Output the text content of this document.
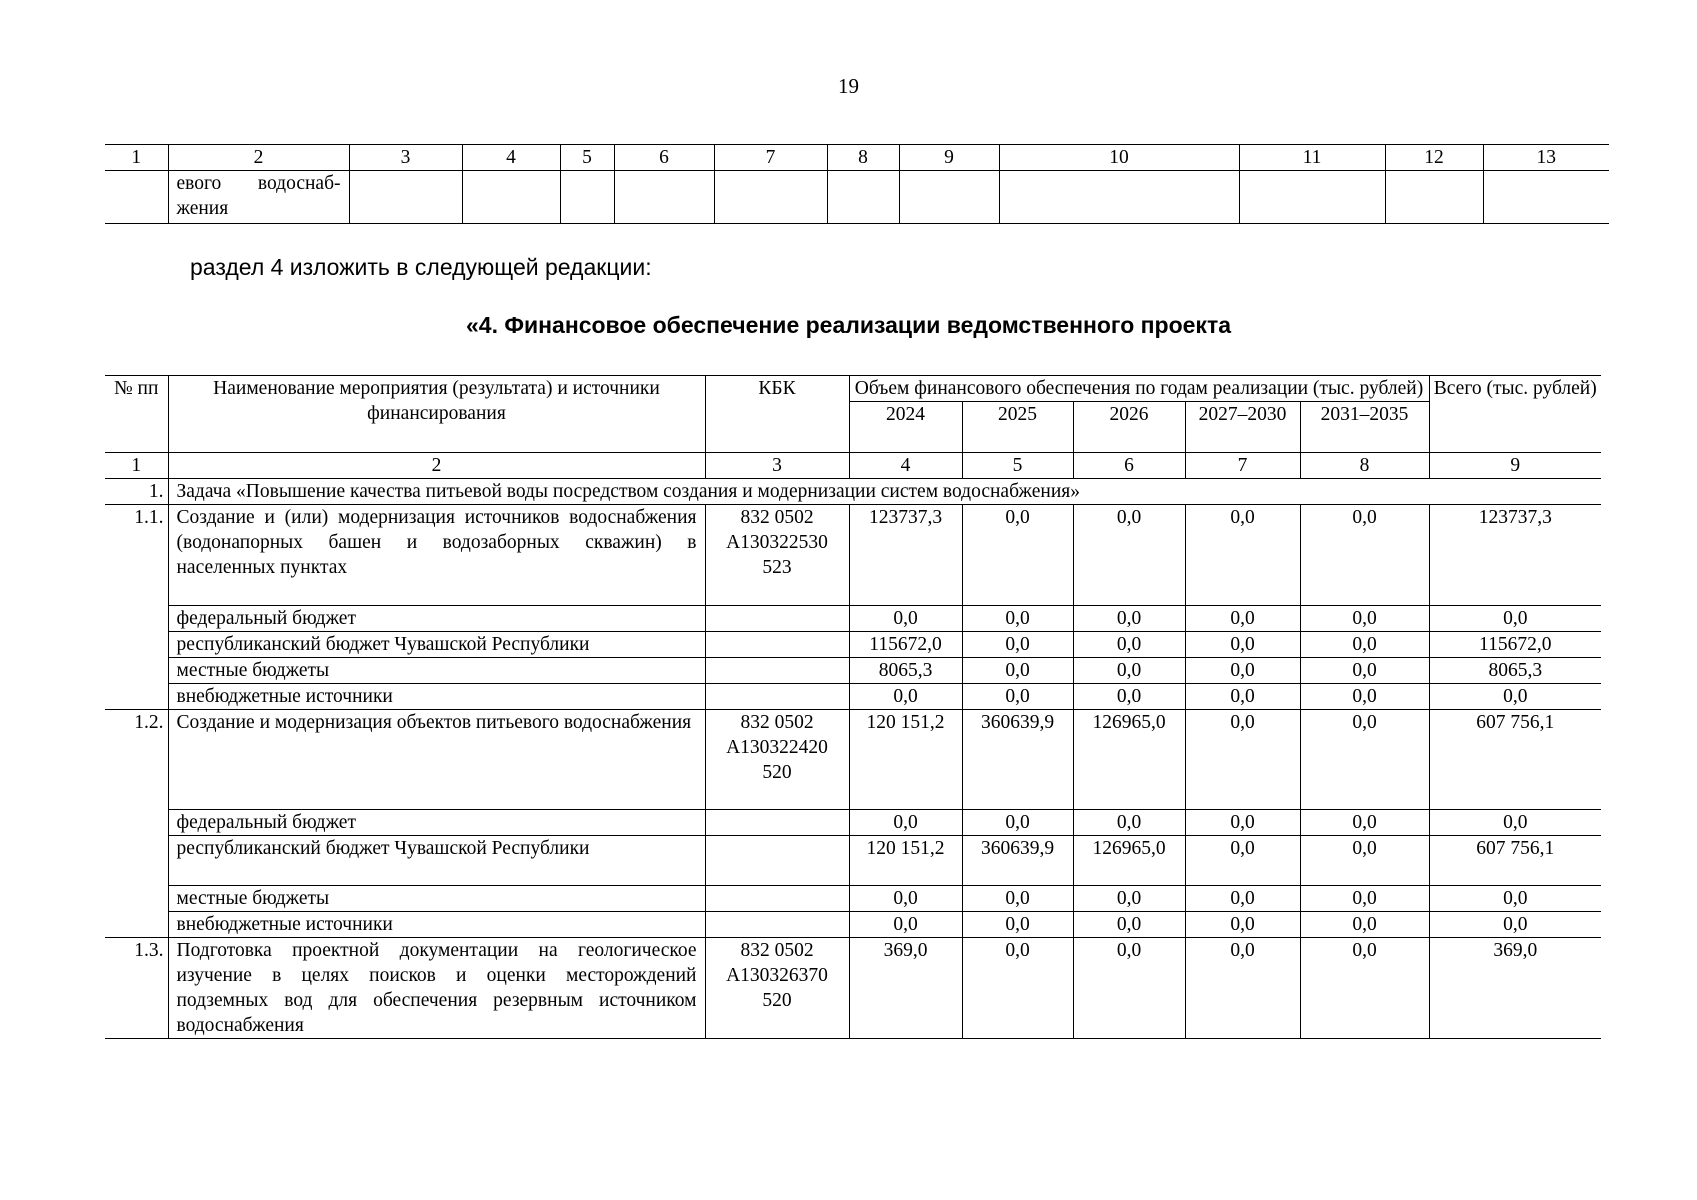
19
1	2	3	4	5	6	7	8	9	10	11	12	13
	евого водоснаб-жения											
раздел 4 изложить в следующей редакции:
«4. Финансовое обеспечение реализации ведомственного проекта
№ пп	Наименование мероприятия (результата) и источники финансирования	КБК	Объем финансового обеспечения по годам реализации (тыс. рублей)					Всего (тыс. рублей)
			2024	2025	2026	2027–2030	2031–2035	
1	2	3	4	5	6	7	8	9
1.	Задача «Повышение качества питьевой воды посредством создания и модернизации систем водоснабжения»							
1.1.	Создание и (или) модернизация источников водоснабжения (водонапорных башен и водозаборных скважин) в населенных пунктах	832 0502 A130322530 523	123737,3	0,0	0,0	0,0	0,0	123737,3
	федеральный бюджет		0,0	0,0	0,0	0,0	0,0	0,0
	республиканский бюджет Чувашской Республики		115672,0	0,0	0,0	0,0	0,0	115672,0
	местные бюджеты		8065,3	0,0	0,0	0,0	0,0	8065,3
	внебюджетные источники		0,0	0,0	0,0	0,0	0,0	0,0
1.2.	Создание и модернизация объектов питьевого водоснабжения	832 0502 A130322420 520	120 151,2	360639,9	126965,0	0,0	0,0	607 756,1
	федеральный бюджет		0,0	0,0	0,0	0,0	0,0	0,0
	республиканский бюджет Чувашской Республики		120 151,2	360639,9	126965,0	0,0	0,0	607 756,1
	местные бюджеты		0,0	0,0	0,0	0,0	0,0	0,0
	внебюджетные источники		0,0	0,0	0,0	0,0	0,0	0,0
1.3.	Подготовка проектной документации на геологическое изучение в целях поисков и оценки месторождений подземных вод для обеспечения резервным источником водоснабжения	832 0502 A130326370 520	369,0	0,0	0,0	0,0	0,0	369,0
